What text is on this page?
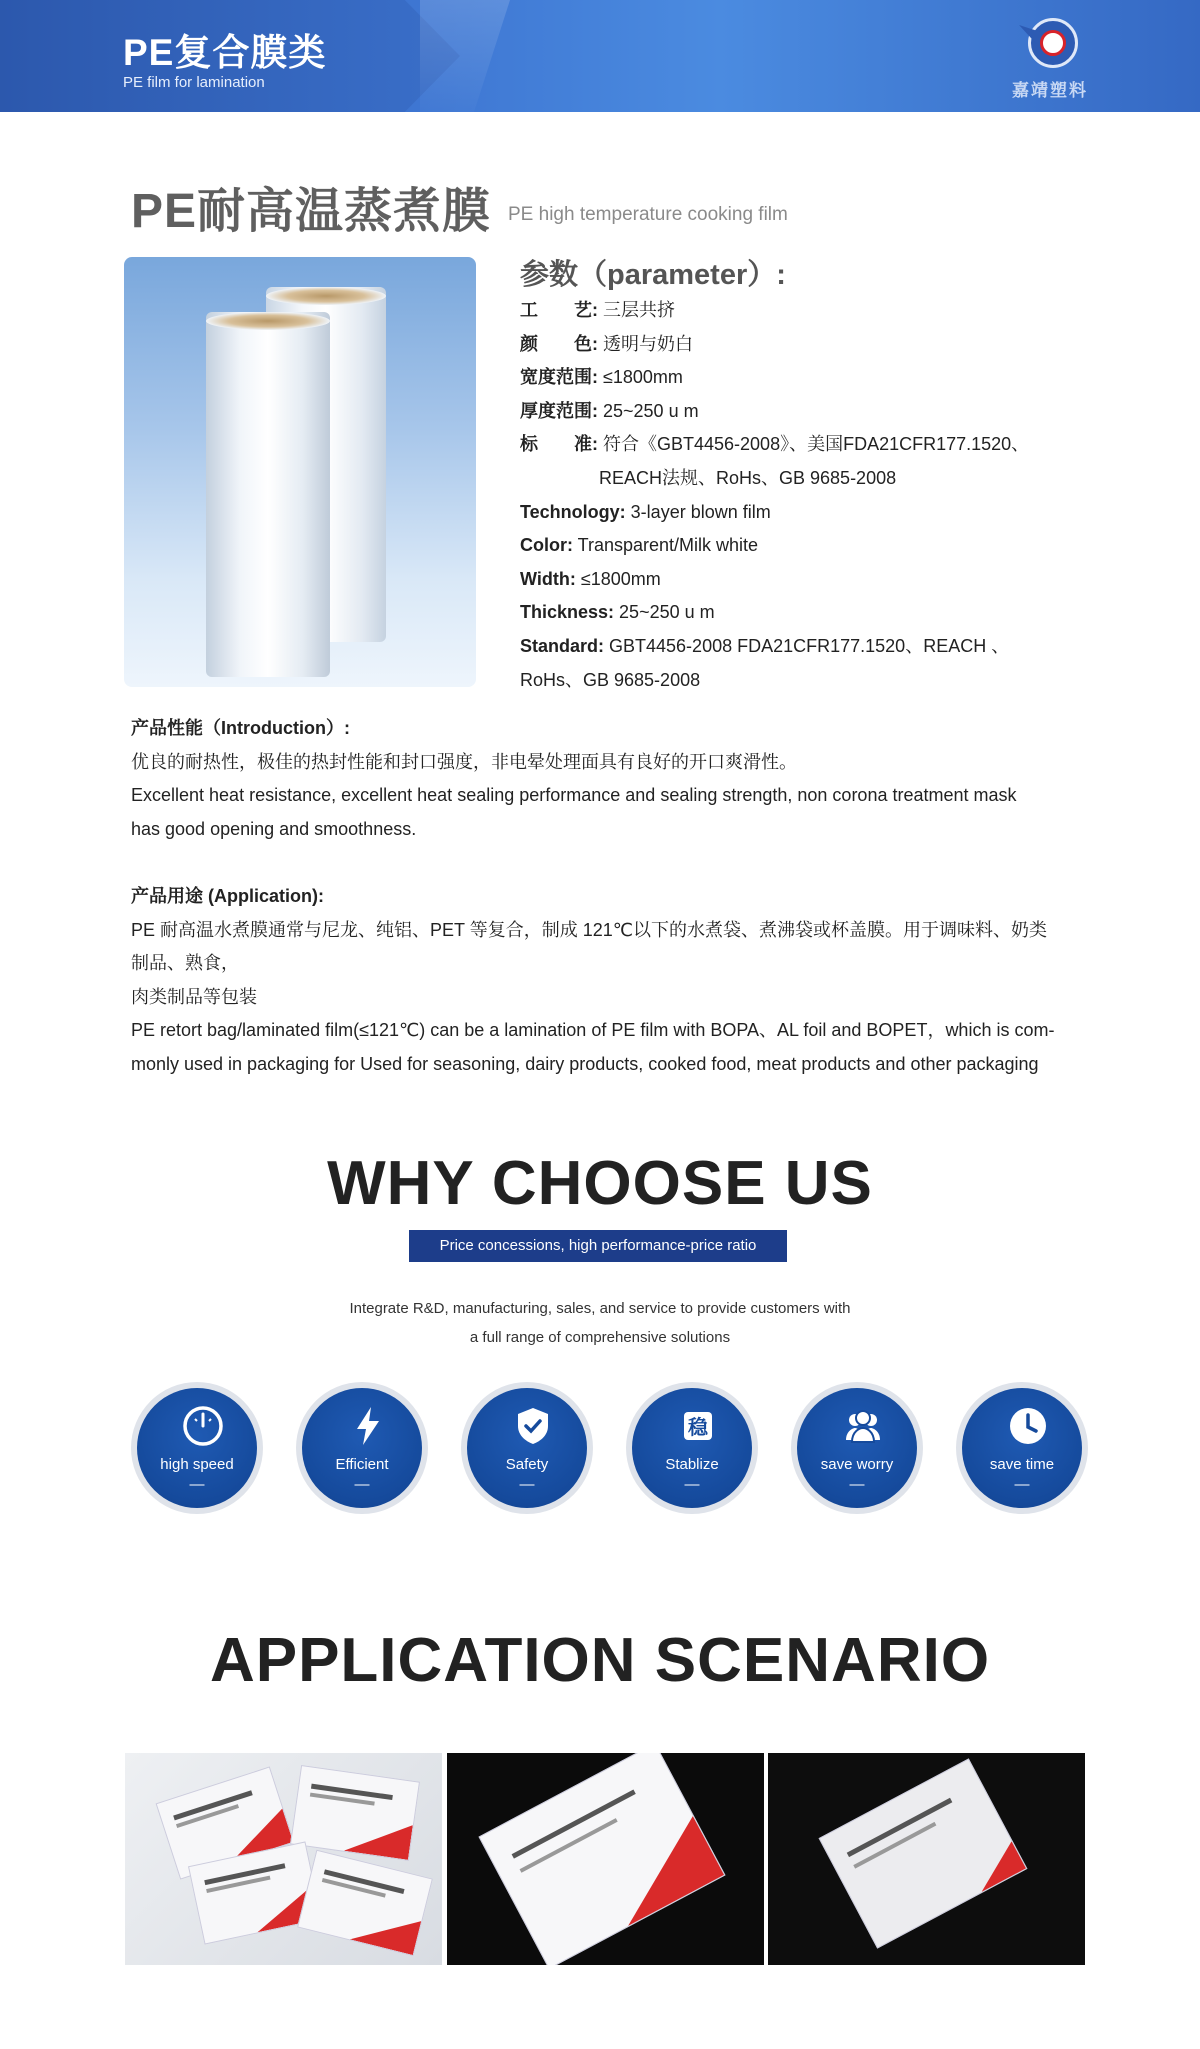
PE复合膜类
PE film for lamination	嘉靖塑料
PE耐高温蒸煮膜 PE high temperature cooking film
参数（parameter）:
工　　艺: 三层共挤
颜　　色: 透明与奶白
宽度范围: ≤1800mm
厚度范围: 25~250 u m
标　　准: 符合《GBT4456-2008》、美国FDA21CFR177.1520、
REACH法规、RoHs、GB 9685-2008
Technology: 3-layer blown film
Color: Transparent/Milk white
Width: ≤1800mm
Thickness: 25~250 u m
Standard: GBT4456-2008 FDA21CFR177.1520、REACH 、
RoHs、GB 9685-2008
产品性能（Introduction）:
优良的耐热性，极佳的热封性能和封口强度，非电晕处理面具有良好的开口爽滑性。
Excellent heat resistance, excellent heat sealing performance and sealing strength, non corona treatment mask
has good opening and smoothness.
产品用途 (Application):
PE 耐高温水煮膜通常与尼龙、纯铝、PET 等复合，制成 121℃以下的水煮袋、煮沸袋或杯盖膜。用于调味料、奶类制品、熟食，
肉类制品等包装
PE retort bag/laminated film(≤121℃) can be a lamination of PE film with BOPA、AL foil and BOPET，which is com-
monly used in packaging for Used for seasoning, dairy products, cooked food, meat products and other packaging
WHY CHOOSE US
Price concessions, high performance-price ratio
Integrate R&D, manufacturing, sales, and service to provide customers with
a full range of comprehensive solutions
high speed
—
Efficient
—
Safety
—
稳
Stablize
—
save worry
—
save time
—
APPLICATION SCENARIO
